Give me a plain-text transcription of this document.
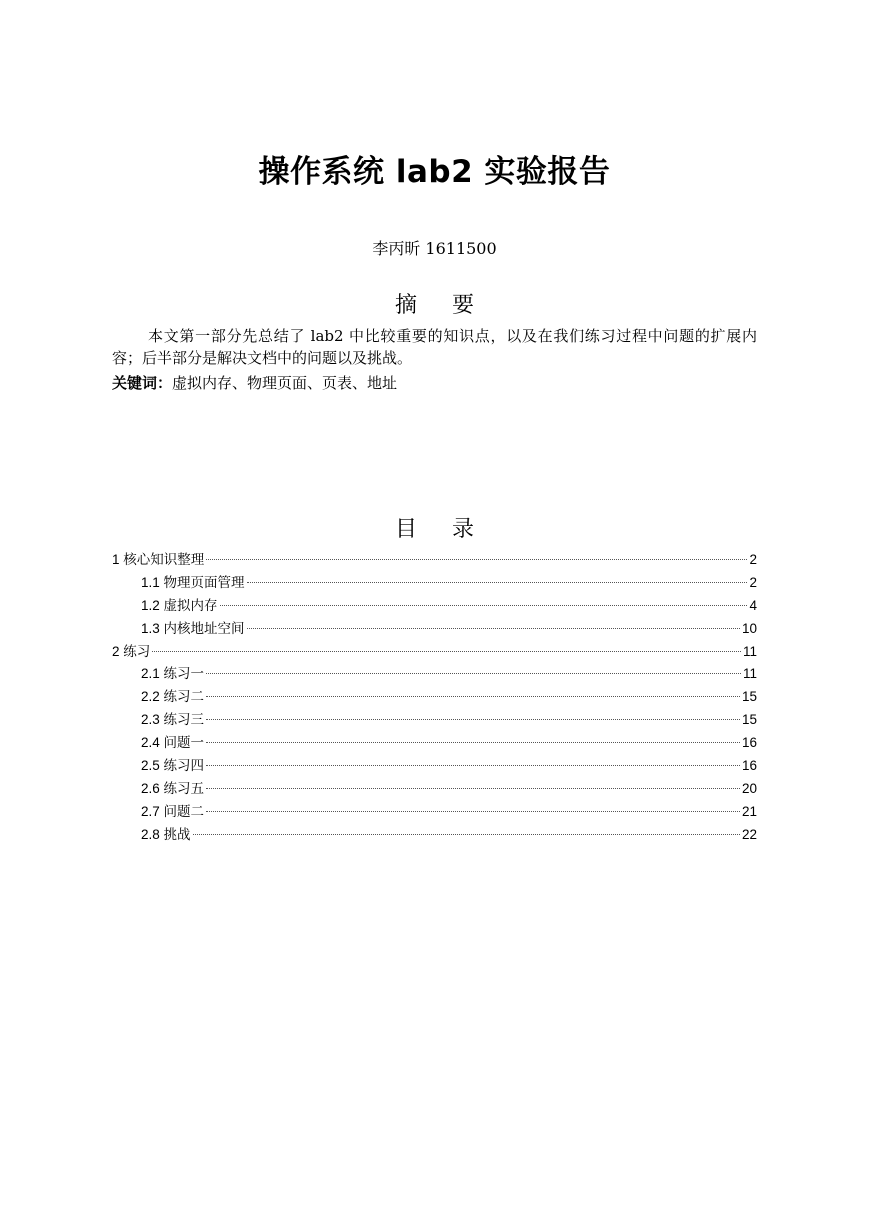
操作系统 lab2 实验报告
李丙昕 1611500
摘 要
本文第一部分先总结了 lab2 中比较重要的知识点，以及在我们练习过程中问题的扩展内容；后半部分是解决文档中的问题以及挑战。
关键词：虚拟内存、物理页面、页表、地址
目 录
1 核心知识整理	2
1.1 物理页面管理	2
1.2 虚拟内存	4
1.3 内核地址空间	10
2 练习	11
2.1 练习一	11
2.2 练习二	15
2.3 练习三	15
2.4 问题一	16
2.5 练习四	16
2.6 练习五	20
2.7 问题二	21
2.8 挑战	22
